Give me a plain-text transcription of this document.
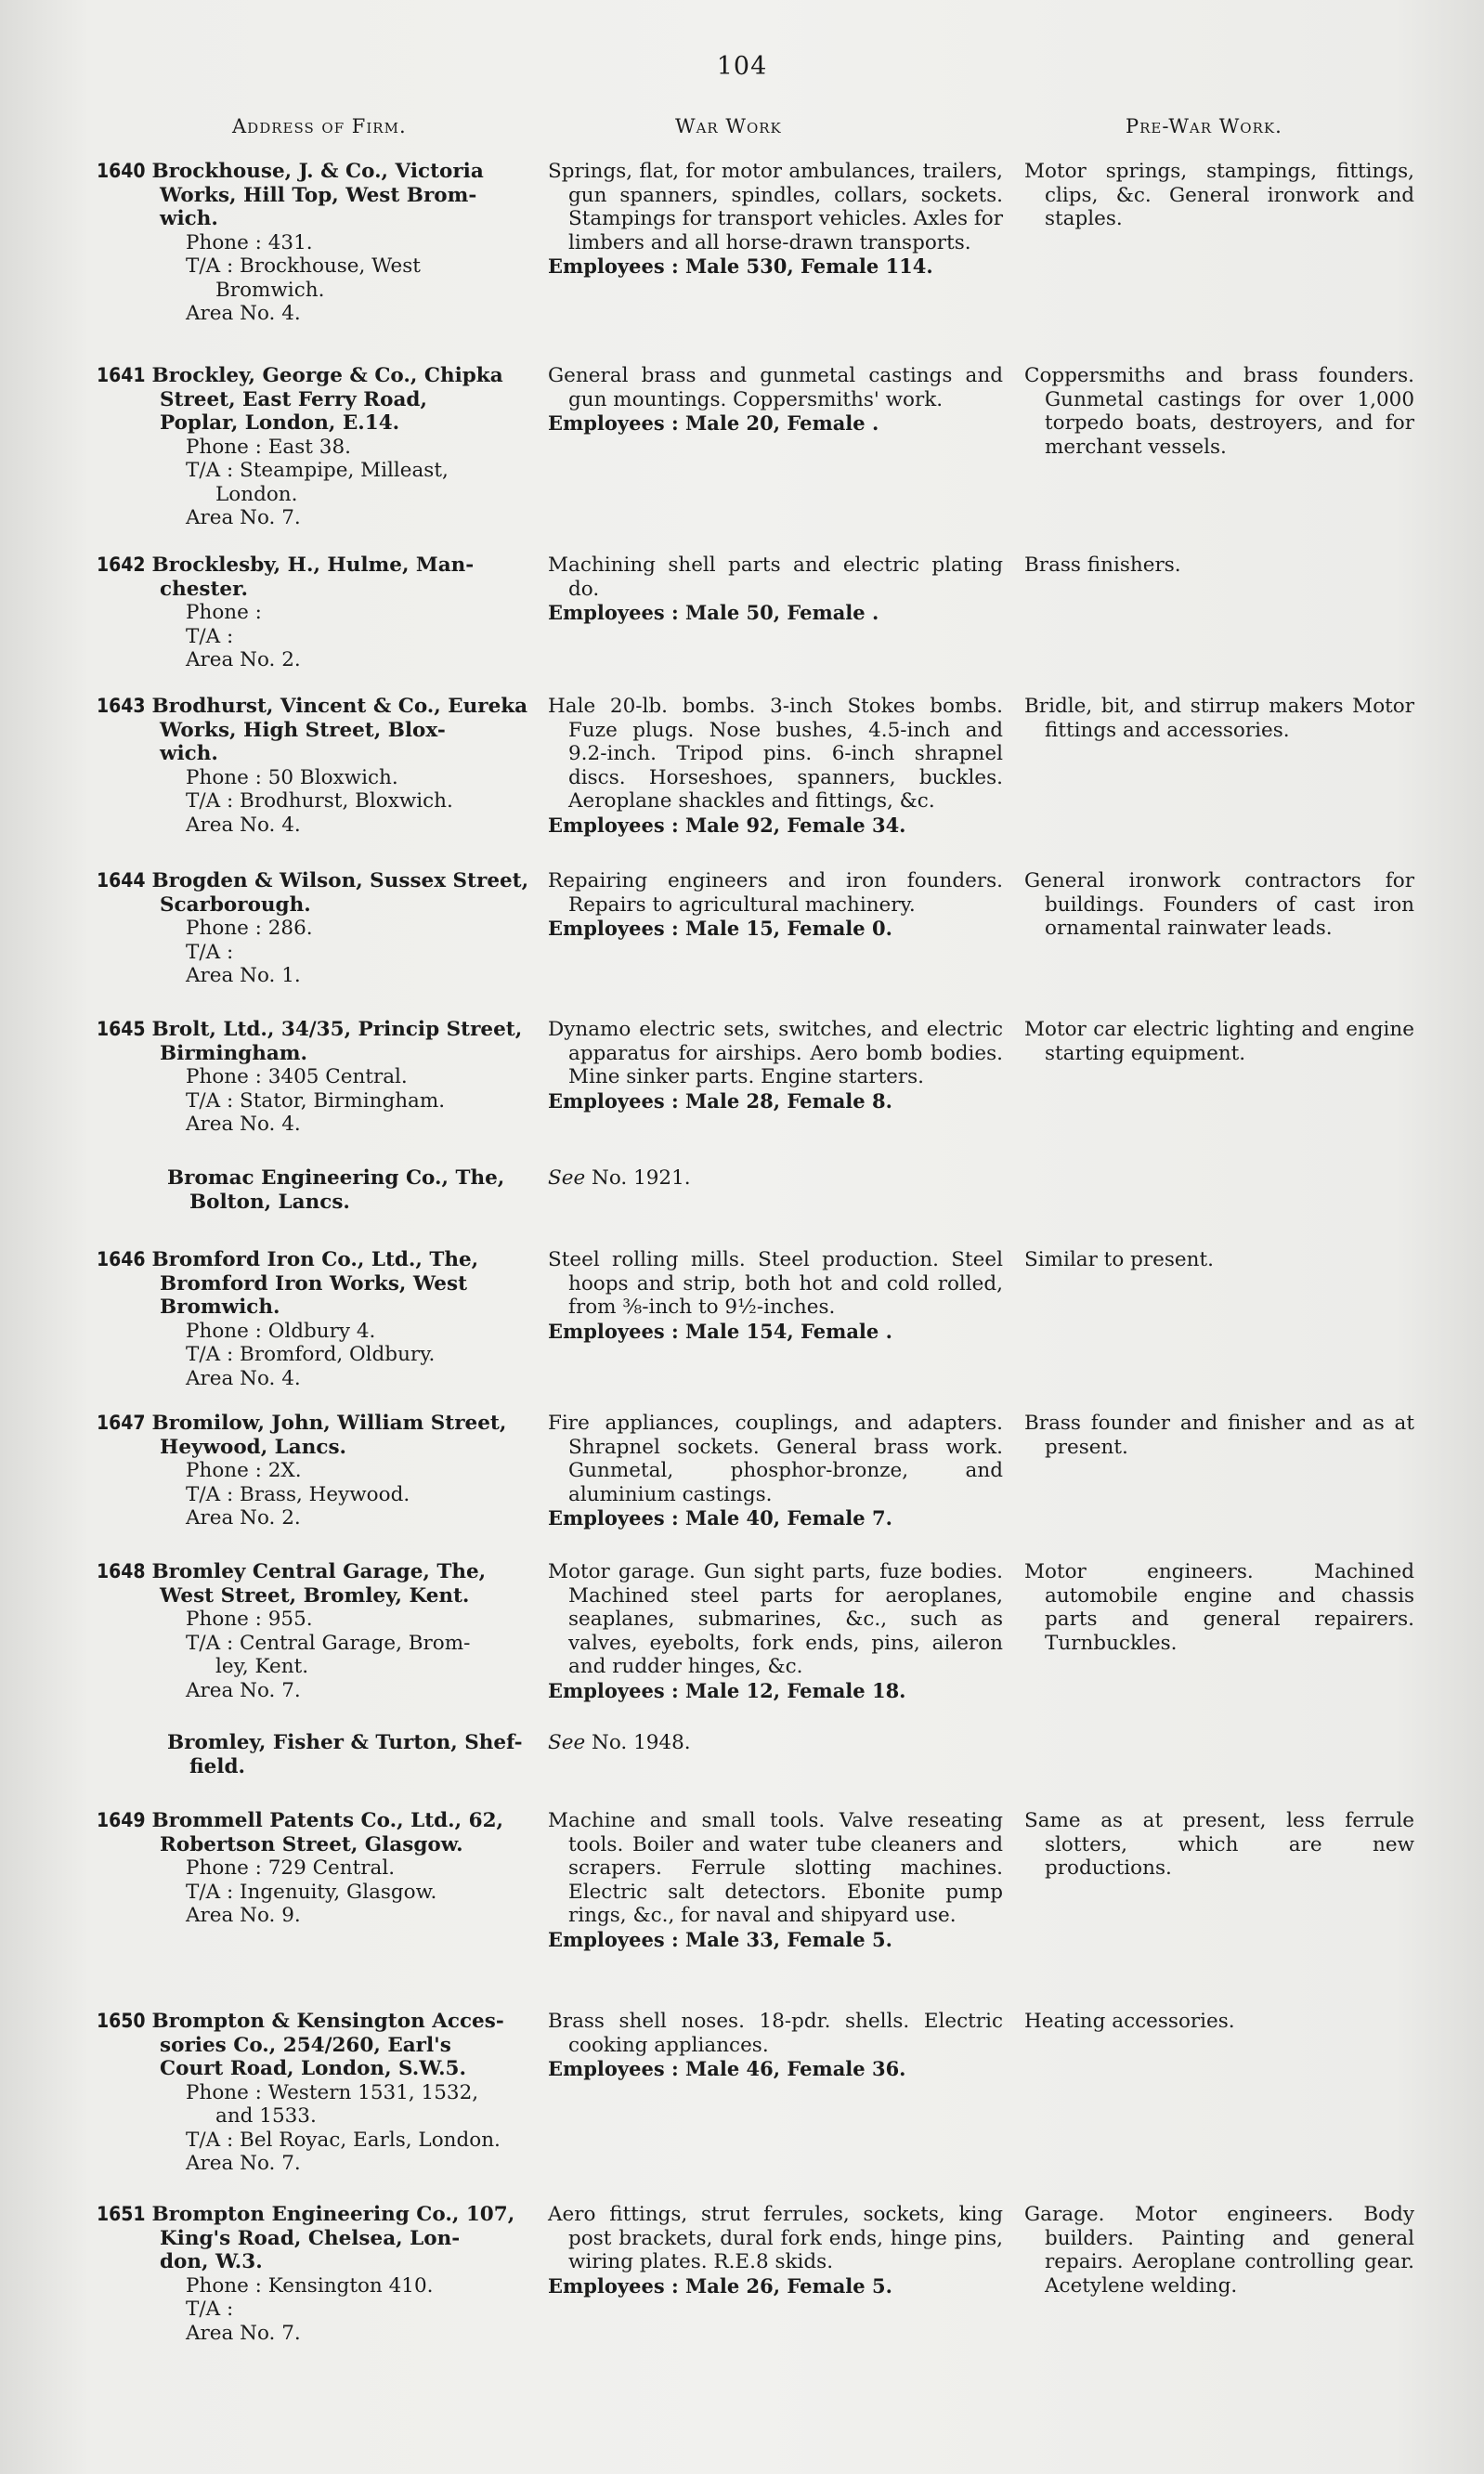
104
Address of Firm.	War Work	Pre-War Work.
1640 Brockhouse, J. & Co., Victoria
Works, Hill Top, West Brom-
wich.
Phone : 431.
T/A : Brockhouse, West
Bromwich.
Area No. 4.
Springs, flat, for motor ambulances, trailers, gun spanners, spindles, collars, sockets. Stampings for transport vehicles. Axles for limbers and all horse-drawn transports.
Employees : Male 530, Female 114.
Motor springs, stampings, fittings, clips, &c. General ironwork and staples.
1641 Brockley, George & Co., Chipka
Street, East Ferry Road,
Poplar, London, E.14.
Phone : East 38.
T/A : Steampipe, Milleast,
London.
Area No. 7.
General brass and gunmetal castings and gun mountings. Coppersmiths' work.
Employees : Male 20, Female .
Coppersmiths and brass founders. Gunmetal castings for over 1,000 torpedo boats, destroyers, and for merchant vessels.
1642 Brocklesby, H., Hulme, Man-
chester.
Phone :
T/A :
Area No. 2.
Machining shell parts and electric plating do.
Employees : Male 50, Female .
Brass finishers.
1643 Brodhurst, Vincent & Co., Eureka
Works, High Street, Blox-
wich.
Phone : 50 Bloxwich.
T/A : Brodhurst, Bloxwich.
Area No. 4.
Hale 20-lb. bombs. 3-inch Stokes bombs. Fuze plugs. Nose bushes, 4.5-inch and 9.2-inch. Tripod pins. 6-inch shrapnel discs. Horseshoes, spanners, buckles. Aeroplane shackles and fittings, &c.
Employees : Male 92, Female 34.
Bridle, bit, and stirrup makers Motor fittings and accessories.
1644 Brogden & Wilson, Sussex Street,
Scarborough.
Phone : 286.
T/A :
Area No. 1.
Repairing engineers and iron founders. Repairs to agricultural machinery.
Employees : Male 15, Female 0.
General ironwork contractors for buildings. Founders of cast iron ornamental rainwater leads.
1645 Brolt, Ltd., 34/35, Princip Street,
Birmingham.
Phone : 3405 Central.
T/A : Stator, Birmingham.
Area No. 4.
Dynamo electric sets, switches, and electric apparatus for airships. Aero bomb bodies. Mine sinker parts. Engine starters.
Employees : Male 28, Female 8.
Motor car electric lighting and engine starting equipment.
Bromac Engineering Co., The,
Bolton, Lancs.
See No. 1921.
1646 Bromford Iron Co., Ltd., The,
Bromford Iron Works, West
Bromwich.
Phone : Oldbury 4.
T/A : Bromford, Oldbury.
Area No. 4.
Steel rolling mills. Steel production. Steel hoops and strip, both hot and cold rolled, from ⅜-inch to 9½-inches.
Employees : Male 154, Female .
Similar to present.
1647 Bromilow, John, William Street,
Heywood, Lancs.
Phone : 2X.
T/A : Brass, Heywood.
Area No. 2.
Fire appliances, couplings, and adapters. Shrapnel sockets. General brass work. Gunmetal, phosphor-bronze, and aluminium castings.
Employees : Male 40, Female 7.
Brass founder and finisher and as at present.
1648 Bromley Central Garage, The,
West Street, Bromley, Kent.
Phone : 955.
T/A : Central Garage, Brom-
ley, Kent.
Area No. 7.
Motor garage. Gun sight parts, fuze bodies. Machined steel parts for aeroplanes, seaplanes, submarines, &c., such as valves, eyebolts, fork ends, pins, aileron and rudder hinges, &c.
Employees : Male 12, Female 18.
Motor engineers. Machined automobile engine and chassis parts and general repairers. Turnbuckles.
Bromley, Fisher & Turton, Shef-
field.
See No. 1948.
1649 Brommell Patents Co., Ltd., 62,
Robertson Street, Glasgow.
Phone : 729 Central.
T/A : Ingenuity, Glasgow.
Area No. 9.
Machine and small tools. Valve reseating tools. Boiler and water tube cleaners and scrapers. Ferrule slotting machines. Electric salt detectors. Ebonite pump rings, &c., for naval and shipyard use.
Employees : Male 33, Female 5.
Same as at present, less ferrule slotters, which are new productions.
1650 Brompton & Kensington Acces-
sories Co., 254/260, Earl's
Court Road, London, S.W.5.
Phone : Western 1531, 1532,
and 1533.
T/A : Bel Royac, Earls, London.
Area No. 7.
Brass shell noses. 18-pdr. shells. Electric cooking appliances.
Employees : Male 46, Female 36.
Heating accessories.
1651 Brompton Engineering Co., 107,
King's Road, Chelsea, Lon-
don, W.3.
Phone : Kensington 410.
T/A :
Area No. 7.
Aero fittings, strut ferrules, sockets, king post brackets, dural fork ends, hinge pins, wiring plates. R.E.8 skids.
Employees : Male 26, Female 5.
Garage. Motor engineers. Body builders. Painting and general repairs. Aeroplane controlling gear. Acetylene welding.
